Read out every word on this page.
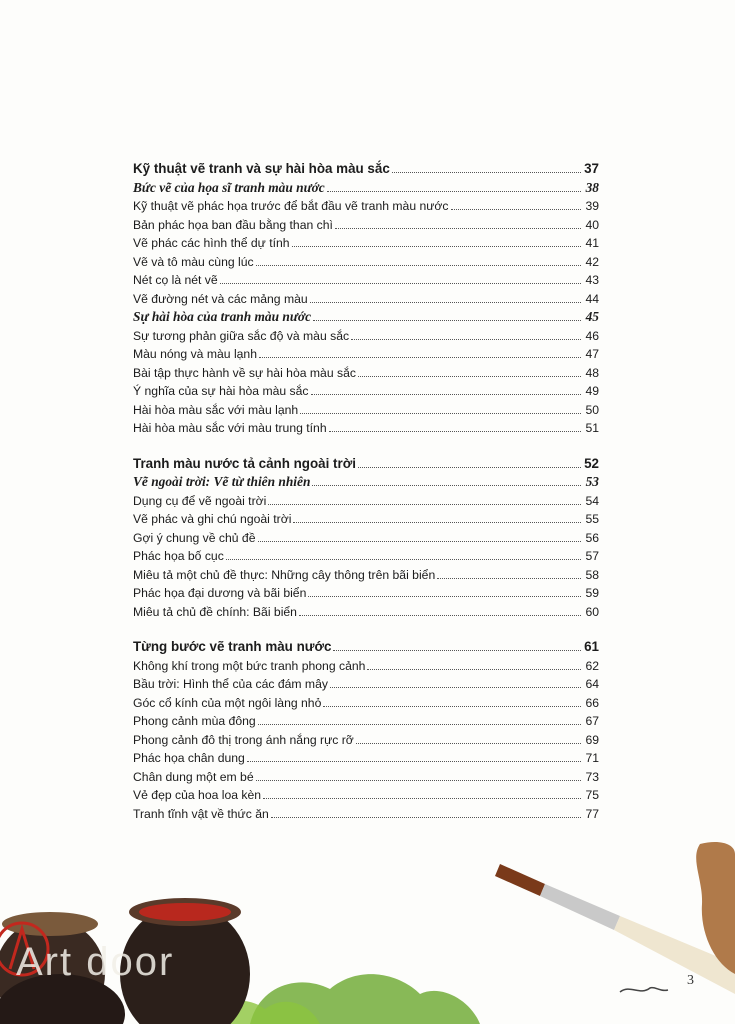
Kỹ thuật vẽ tranh và sự hài hòa màu sắc	37
Bức vẽ của họa sĩ tranh màu nước	38
Kỹ thuật vẽ phác họa trước để bắt đầu vẽ tranh màu nước	39
Bản phác họa ban đầu bằng than chì	40
Vẽ phác các hình thể dự tính	41
Vẽ và tô màu cùng lúc	42
Nét cọ là nét vẽ	43
Vẽ đường nét và các mảng màu	44
Sự hài hòa của tranh màu nước	45
Sự tương phản giữa sắc độ và màu sắc	46
Màu nóng và màu lạnh	47
Bài tập thực hành về sự hài hòa màu sắc	48
Ý nghĩa của sự hài hòa màu sắc	49
Hài hòa màu sắc với màu lạnh	50
Hài hòa màu sắc với màu trung tính	51
Tranh màu nước tả cảnh ngoài trời	52
Vẽ ngoài trời: Vẽ từ thiên nhiên	53
Dụng cụ để vẽ ngoài trời	54
Vẽ phác và ghi chú ngoài trời	55
Gợi ý chung về chủ đề	56
Phác họa bố cục	57
Miêu tả một chủ đề thực: Những cây thông trên bãi biển	58
Phác họa đại dương và bãi biển	59
Miêu tả chủ đề chính: Bãi biển	60
Từng bước vẽ tranh màu nước	61
Không khí trong một bức tranh phong cảnh	62
Bầu trời: Hình thể của các đám mây	64
Góc cổ kính của một ngôi làng nhỏ	66
Phong cảnh mùa đông	67
Phong cảnh đô thị trong ánh nắng rực rỡ	69
Phác họa chân dung	71
Chân dung một em bé	73
Vẻ đẹp của hoa loa kèn	75
Tranh tĩnh vật về thức ăn	77
Art door	3
